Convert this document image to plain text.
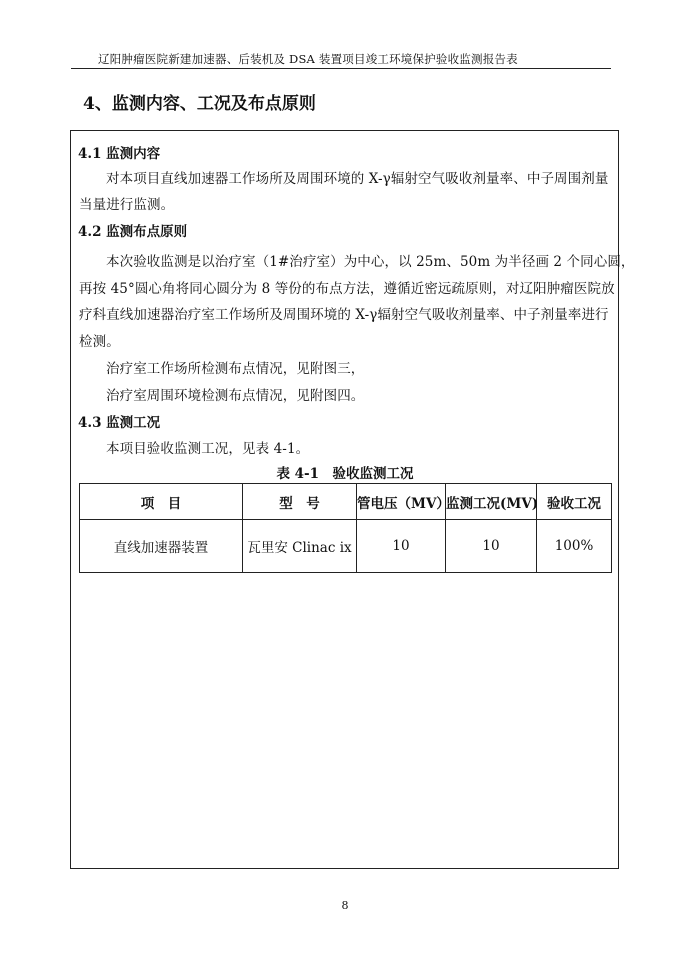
辽阳肿瘤医院新建加速器、后装机及 DSA 装置项目竣工环境保护验收监测报告表
4、监测内容、工况及布点原则
4.1 监测内容
对本项目直线加速器工作场所及周围环境的 X-γ辐射空气吸收剂量率、中子周围剂量
当量进行监测。
4.2 监测布点原则
本次验收监测是以治疗室（1#治疗室）为中心，以 25m、50m 为半径画 2 个同心圆，
再按 45°圆心角将同心圆分为 8 等份的布点方法，遵循近密远疏原则，对辽阳肿瘤医院放
疗科直线加速器治疗室工作场所及周围环境的 X-γ辐射空气吸收剂量率、中子剂量率进行
检测。
治疗室工作场所检测布点情况，见附图三，
治疗室周围环境检测布点情况，见附图四。
4.3 监测工况
本项目验收监测工况，见表 4-1。
表 4-1　验收监测工况
项　目	型　号	管电压（MV）	监测工况(MV)	验收工况
直线加速器装置	瓦里安 Clinac ix	10	10	100%
8
